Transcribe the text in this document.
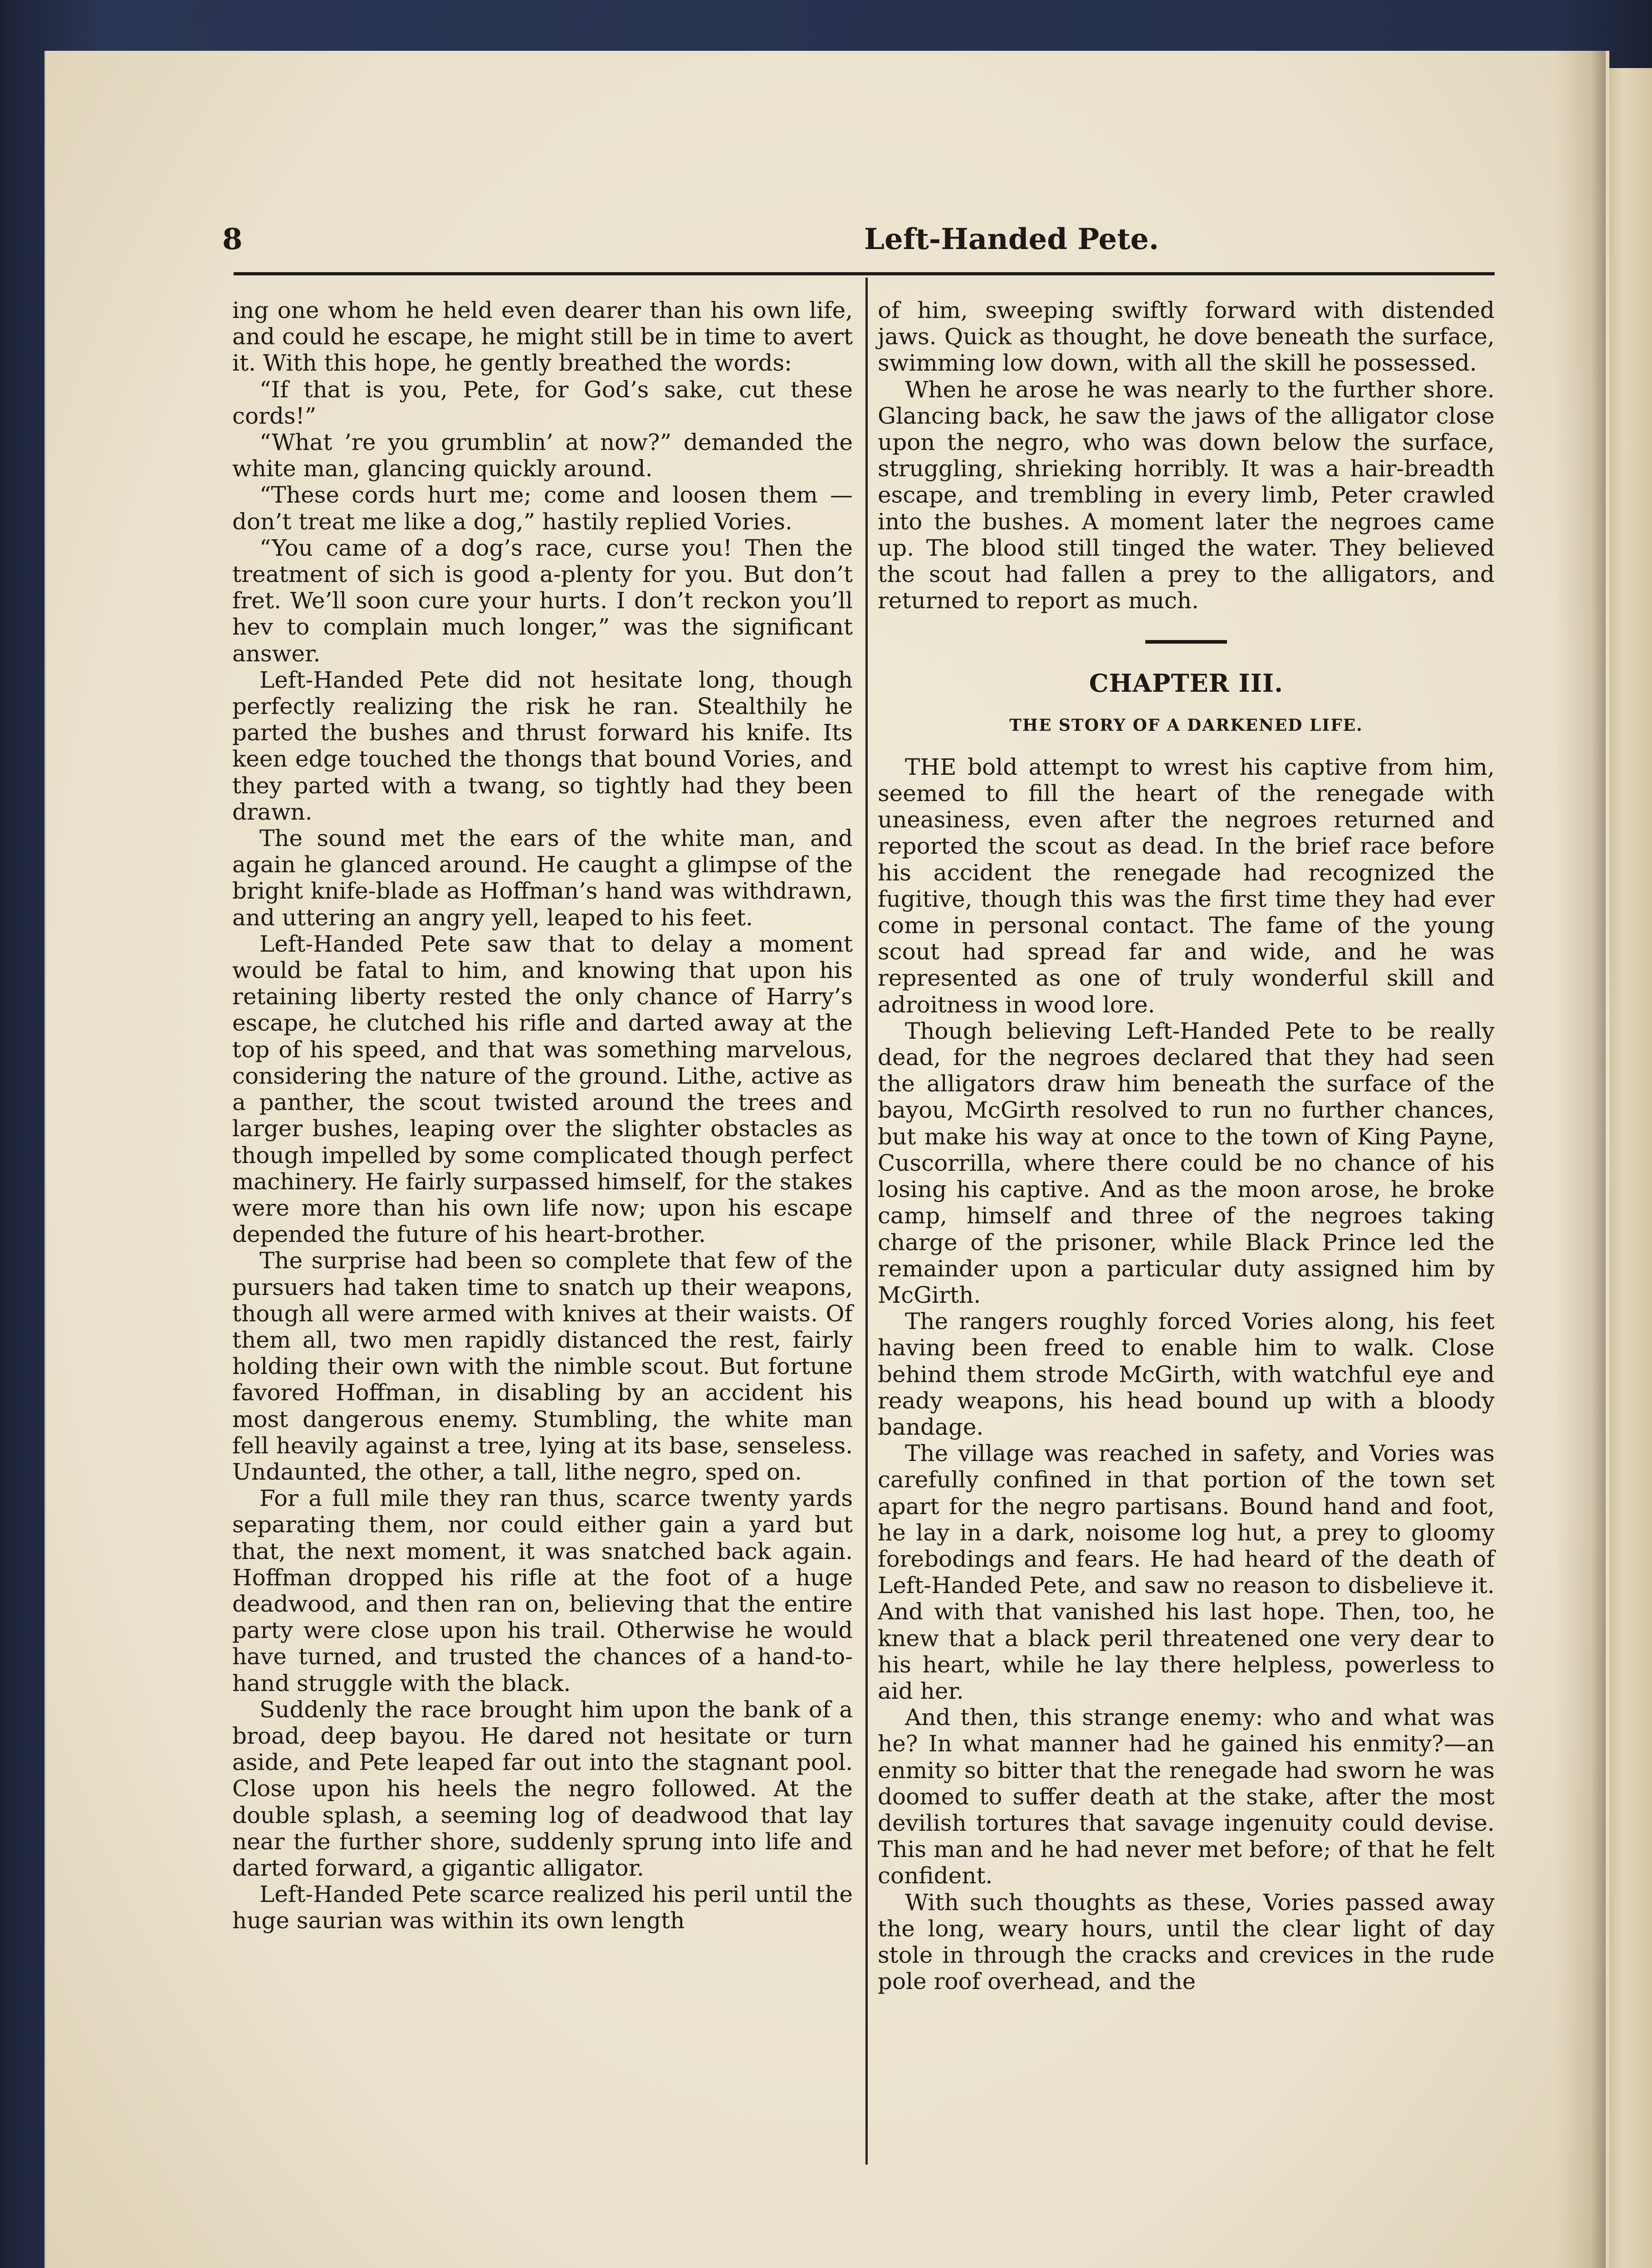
8	Left-Handed Pete.

ing one whom he held even dearer than his own life, and could he escape, he might still be in time to avert it. With this hope, he gently breathed the words:

“If that is you, Pete, for God’s sake, cut these cords!”

“What ’re you grumblin’ at now?” demanded the white man, glancing quickly around.

“These cords hurt me; come and loosen them —don’t treat me like a dog,” hastily replied Vories.

“You came of a dog’s race, curse you! Then the treatment of sich is good a-plenty for you. But don’t fret. We’ll soon cure your hurts. I don’t reckon you’ll hev to complain much longer,” was the significant answer.

Left-Handed Pete did not hesitate long, though perfectly realizing the risk he ran. Stealthily he parted the bushes and thrust forward his knife. Its keen edge touched the thongs that bound Vories, and they parted with a twang, so tightly had they been drawn.

The sound met the ears of the white man, and again he glanced around. He caught a glimpse of the bright knife-blade as Hoffman’s hand was withdrawn, and uttering an angry yell, leaped to his feet.

Left-Handed Pete saw that to delay a moment would be fatal to him, and knowing that upon his retaining liberty rested the only chance of Harry’s escape, he clutched his rifle and darted away at the top of his speed, and that was something marvelous, considering the nature of the ground. Lithe, active as a panther, the scout twisted around the trees and larger bushes, leaping over the slighter obstacles as though impelled by some complicated though perfect machinery. He fairly surpassed himself, for the stakes were more than his own life now; upon his escape depended the future of his heart-brother.

The surprise had been so complete that few of the pursuers had taken time to snatch up their weapons, though all were armed with knives at their waists. Of them all, two men rapidly distanced the rest, fairly holding their own with the nimble scout. But fortune favored Hoffman, in disabling by an accident his most dangerous enemy. Stumbling, the white man fell heavily against a tree, lying at its base, senseless. Undaunted, the other, a tall, lithe negro, sped on.

For a full mile they ran thus, scarce twenty yards separating them, nor could either gain a yard but that, the next moment, it was snatched back again. Hoffman dropped his rifle at the foot of a huge deadwood, and then ran on, believing that the entire party were close upon his trail. Otherwise he would have turned, and trusted the chances of a hand-to-hand struggle with the black.

Suddenly the race brought him upon the bank of a broad, deep bayou. He dared not hesitate or turn aside, and Pete leaped far out into the stagnant pool. Close upon his heels the negro followed. At the double splash, a seeming log of deadwood that lay near the further shore, suddenly sprung into life and darted forward, a gigantic alligator.

Left-Handed Pete scarce realized his peril until the huge saurian was within its own length

of him, sweeping swiftly forward with distended jaws. Quick as thought, he dove beneath the surface, swimming low down, with all the skill he possessed.

When he arose he was nearly to the further shore. Glancing back, he saw the jaws of the alligator close upon the negro, who was down below the surface, struggling, shrieking horribly. It was a hair-breadth escape, and trembling in every limb, Peter crawled into the bushes. A moment later the negroes came up. The blood still tinged the water. They believed the scout had fallen a prey to the alligators, and returned to report as much.

CHAPTER III.
THE STORY OF A DARKENED LIFE.

THE bold attempt to wrest his captive from him, seemed to fill the heart of the renegade with uneasiness, even after the negroes returned and reported the scout as dead. In the brief race before his accident the renegade had recognized the fugitive, though this was the first time they had ever come in personal contact. The fame of the young scout had spread far and wide, and he was represented as one of truly wonderful skill and adroitness in wood lore.

Though believing Left-Handed Pete to be really dead, for the negroes declared that they had seen the alligators draw him beneath the surface of the bayou, McGirth resolved to run no further chances, but make his way at once to the town of King Payne, Cuscorrilla, where there could be no chance of his losing his captive. And as the moon arose, he broke camp, himself and three of the negroes taking charge of the prisoner, while Black Prince led the remainder upon a particular duty assigned him by McGirth.

The rangers roughly forced Vories along, his feet having been freed to enable him to walk. Close behind them strode McGirth, with watchful eye and ready weapons, his head bound up with a bloody bandage.

The village was reached in safety, and Vories was carefully confined in that portion of the town set apart for the negro partisans. Bound hand and foot, he lay in a dark, noisome log hut, a prey to gloomy forebodings and fears. He had heard of the death of Left-Handed Pete, and saw no reason to disbelieve it. And with that vanished his last hope. Then, too, he knew that a black peril threatened one very dear to his heart, while he lay there helpless, powerless to aid her.

And then, this strange enemy: who and what was he? In what manner had he gained his enmity?—an enmity so bitter that the renegade had sworn he was doomed to suffer death at the stake, after the most devilish tortures that savage ingenuity could devise. This man and he had never met before; of that he felt confident.

With such thoughts as these, Vories passed away the long, weary hours, until the clear light of day stole in through the cracks and crevices in the rude pole roof overhead, and the
